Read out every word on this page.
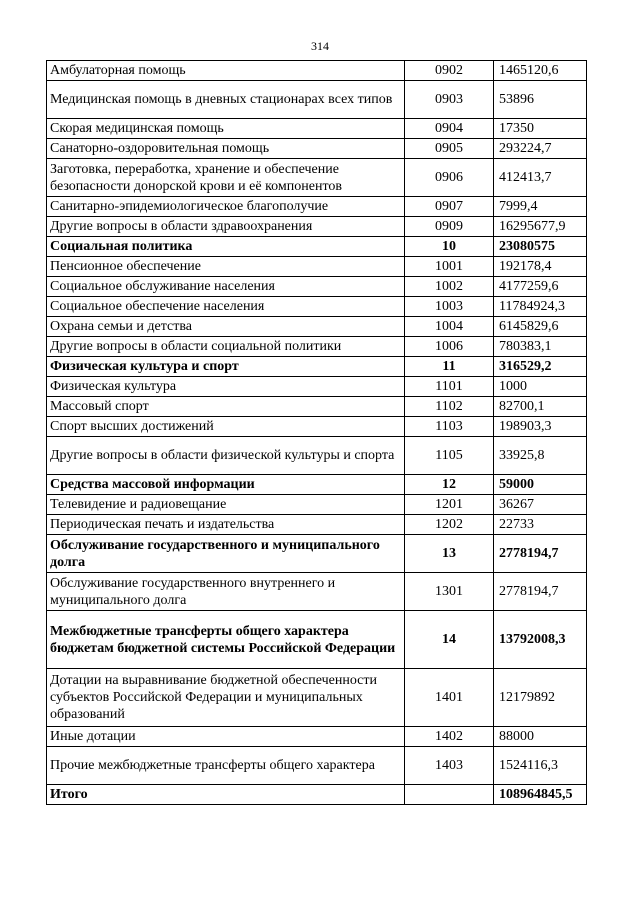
314
Амбулаторная помощь	0902	1465120,6
Медицинская помощь в дневных стационарах всех типов	0903	53896
Скорая медицинская помощь	0904	17350
Санаторно-оздоровительная помощь	0905	293224,7
Заготовка, переработка, хранение и обеспечение безопасности донорской крови и её компонентов	0906	412413,7
Санитарно-эпидемиологическое благополучие	0907	7999,4
Другие вопросы в области здравоохранения	0909	16295677,9
Социальная политика	10	23080575
Пенсионное обеспечение	1001	192178,4
Социальное обслуживание населения	1002	4177259,6
Социальное обеспечение населения	1003	11784924,3
Охрана семьи и детства	1004	6145829,6
Другие вопросы в области социальной политики	1006	780383,1
Физическая культура и спорт	11	316529,2
Физическая культура	1101	1000
Массовый спорт	1102	82700,1
Спорт высших достижений	1103	198903,3
Другие вопросы в области физической культуры и спорта	1105	33925,8
Средства массовой информации	12	59000
Телевидение и радиовещание	1201	36267
Периодическая печать и издательства	1202	22733
Обслуживание государственного и муниципального долга	13	2778194,7
Обслуживание государственного внутреннего и муниципального долга	1301	2778194,7
Межбюджетные трансферты общего характера бюджетам бюджетной системы Российской Федерации	14	13792008,3
Дотации на выравнивание бюджетной обеспеченности субъектов Российской Федерации и муниципальных образований	1401	12179892
Иные дотации	1402	88000
Прочие межбюджетные трансферты общего характера	1403	1524116,3
Итого		108964845,5
